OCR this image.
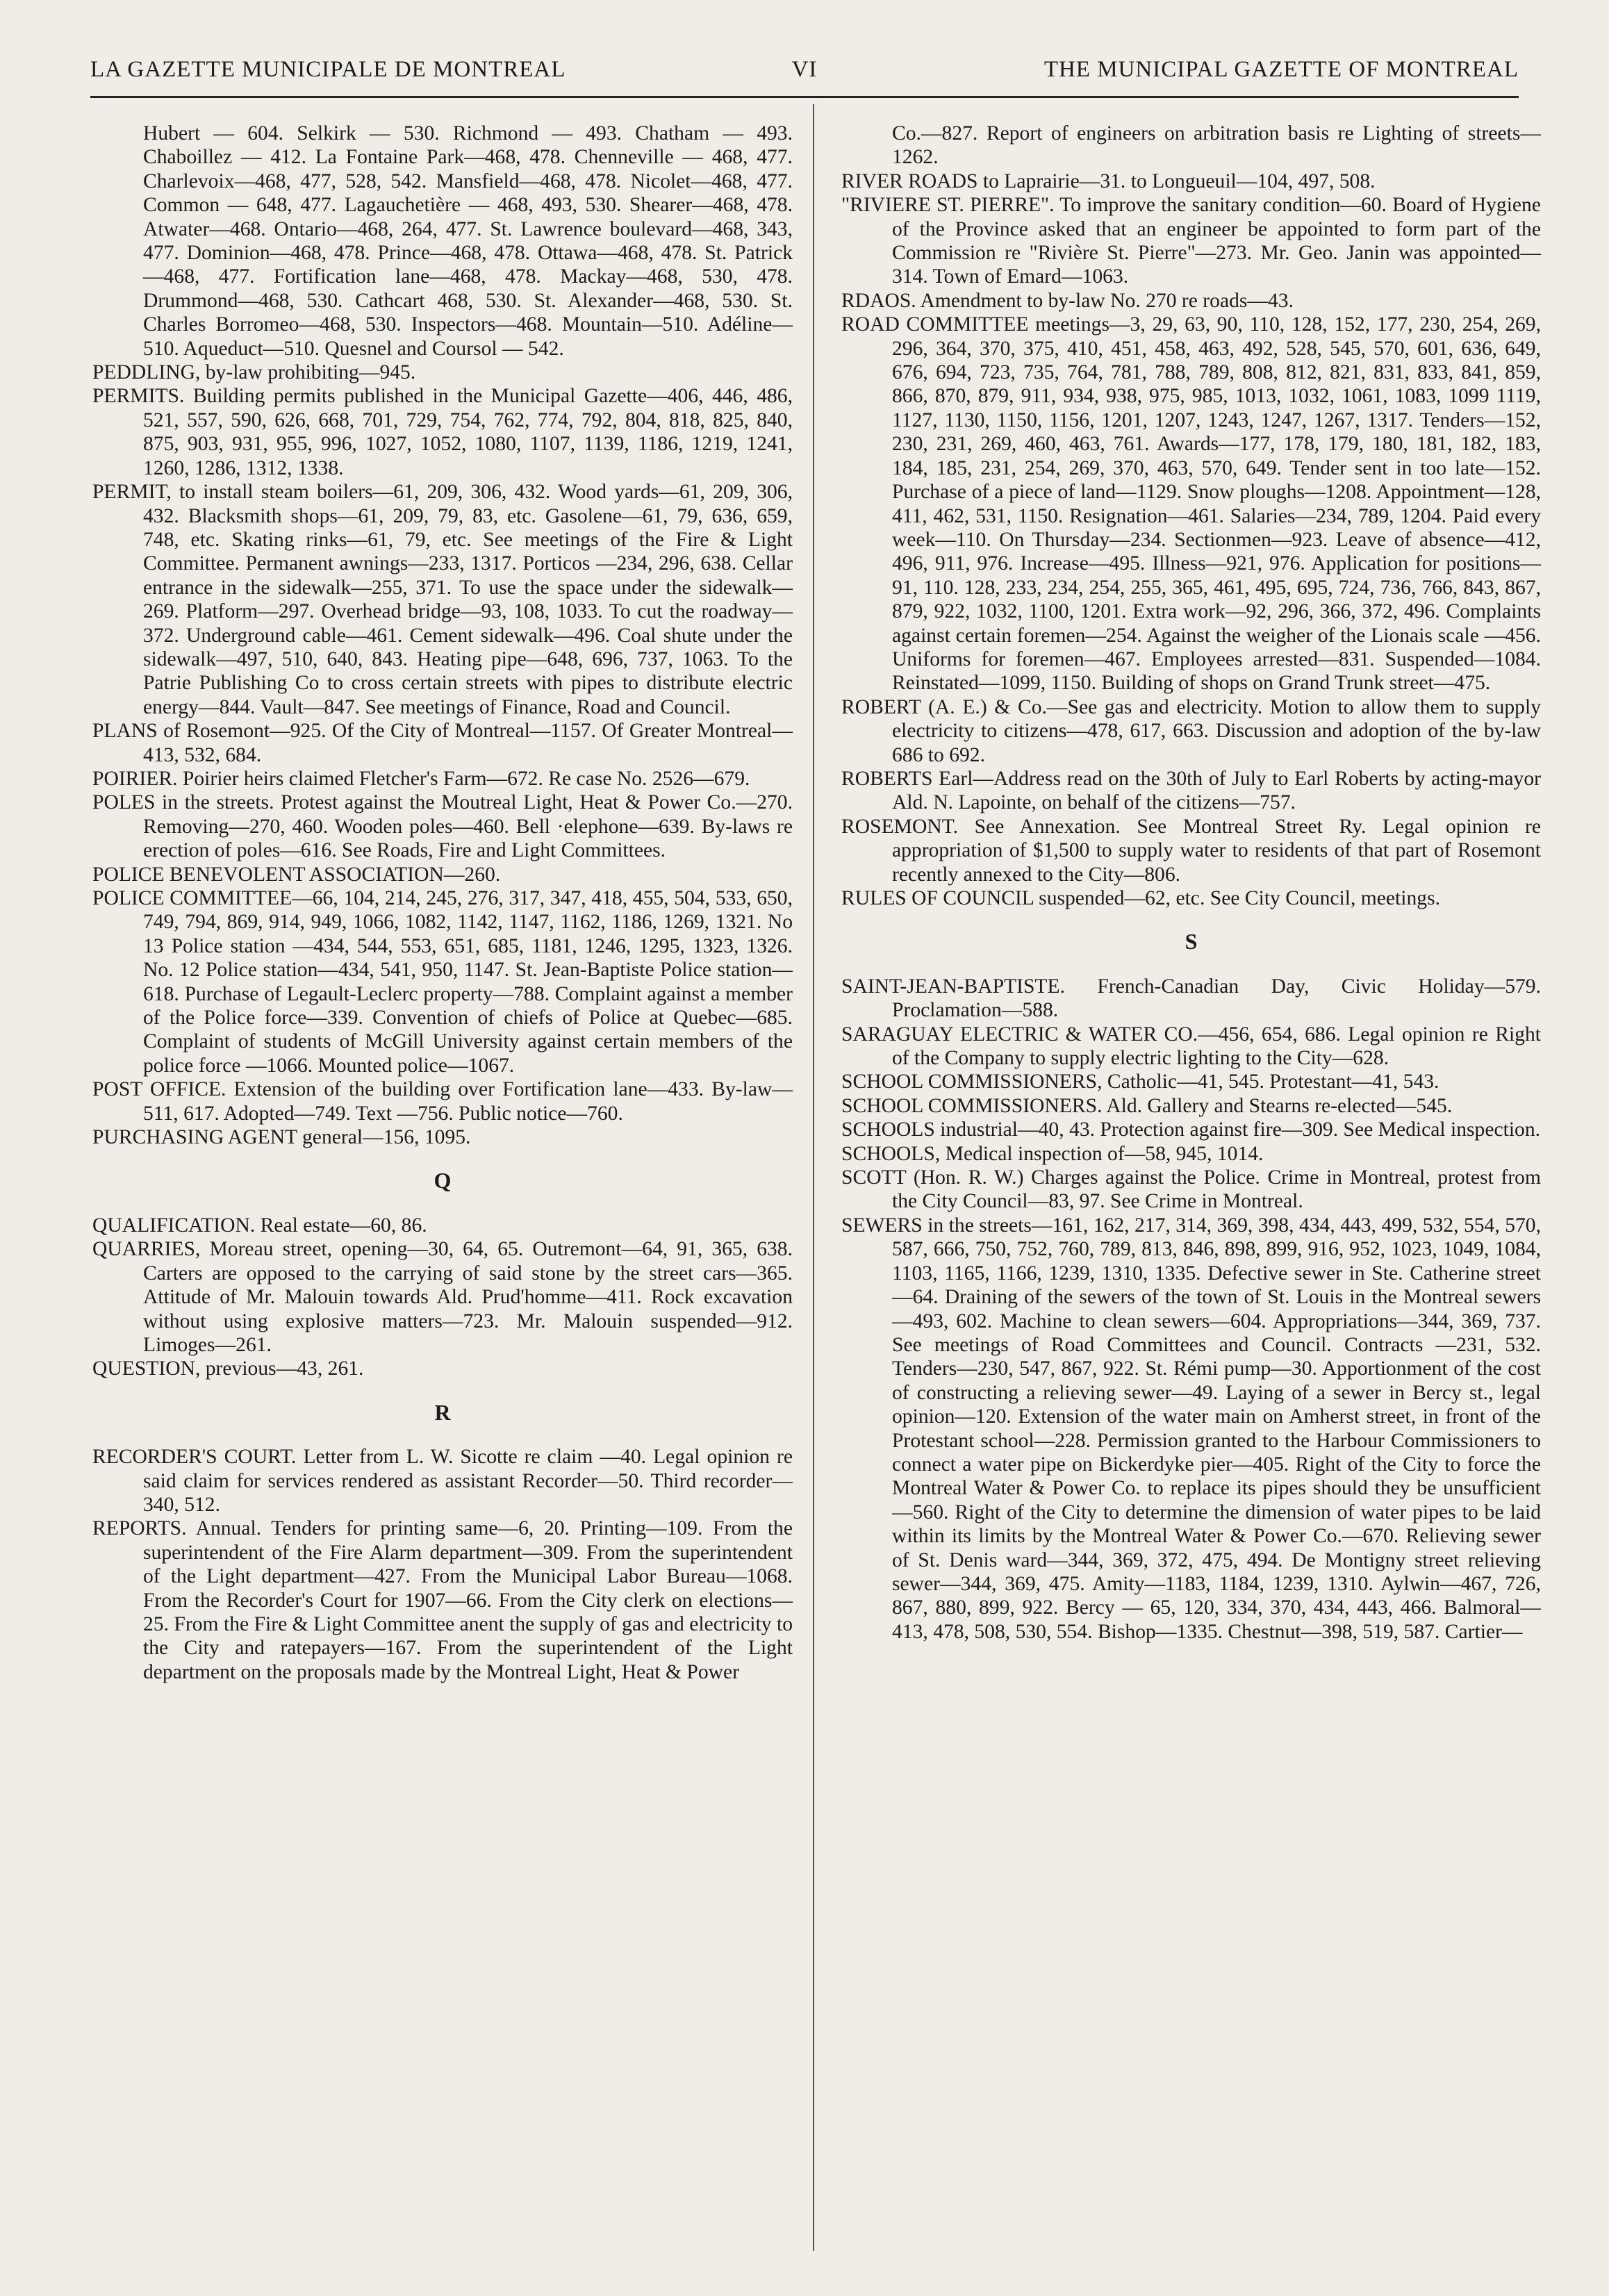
LA GAZETTE MUNICIPALE DE MONTREAL	VI	THE MUNICIPAL GAZETTE OF MONTREAL

Hubert — 604. Selkirk — 530. Richmond — 493. Chatham — 493. Chaboillez — 412. La Fontaine Park—468, 478. Chenneville — 468, 477. Charlevoix—468, 477, 528, 542. Mansfield—468, 478. Nicolet—468, 477. Common — 648, 477. Lagauchetière — 468, 493, 530. Shearer—468, 478. Atwater—468. Ontario—468, 264, 477. St. Lawrence boulevard—468, 343, 477. Dominion—468, 478. Prince—468, 478. Ottawa—468, 478. St. Patrick—468, 477. Fortification lane—468, 478. Mackay—468, 530, 478. Drummond—468, 530. Cathcart 468, 530. St. Alexander—468, 530. St. Charles Borromeo—468, 530. Inspectors—468. Mountain—510. Adéline—510. Aqueduct—510. Quesnel and Coursol — 542.

PEDDLING, by-law prohibiting—945.

PERMITS. Building permits published in the Municipal Gazette—406, 446, 486, 521, 557, 590, 626, 668, 701, 729, 754, 762, 774, 792, 804, 818, 825, 840, 875, 903, 931, 955, 996, 1027, 1052, 1080, 1107, 1139, 1186, 1219, 1241, 1260, 1286, 1312, 1338.

PERMIT, to install steam boilers—61, 209, 306, 432. Wood yards—61, 209, 306, 432. Blacksmith shops—61, 209, 79, 83, etc. Gasolene—61, 79, 636, 659, 748, etc. Skating rinks—61, 79, etc. See meetings of the Fire & Light Committee. Permanent awnings—233, 1317. Porticos —234, 296, 638. Cellar entrance in the sidewalk—255, 371. To use the space under the sidewalk—269. Platform—297. Overhead bridge—93, 108, 1033. To cut the roadway—372. Underground cable—461. Cement sidewalk—496. Coal shute under the sidewalk—497, 510, 640, 843. Heating pipe—648, 696, 737, 1063. To the Patrie Publishing Co to cross certain streets with pipes to distribute electric energy—844. Vault—847. See meetings of Finance, Road and Council.

PLANS of Rosemont—925. Of the City of Montreal—1157. Of Greater Montreal—413, 532, 684.

POIRIER. Poirier heirs claimed Fletcher's Farm—672. Re case No. 2526—679.

POLES in the streets. Protest against the Moutreal Light, Heat & Power Co.—270. Removing—270, 460. Wooden poles—460. Bell ·elephone—639. By-laws re erection of poles—616. See Roads, Fire and Light Committees.

POLICE BENEVOLENT ASSOCIATION—260.

POLICE COMMITTEE—66, 104, 214, 245, 276, 317, 347, 418, 455, 504, 533, 650, 749, 794, 869, 914, 949, 1066, 1082, 1142, 1147, 1162, 1186, 1269, 1321. No 13 Police station —434, 544, 553, 651, 685, 1181, 1246, 1295, 1323, 1326. No. 12 Police station—434, 541, 950, 1147. St. Jean-Baptiste Police station—618. Purchase of Legault-Leclerc property—788. Complaint against a member of the Police force—339. Convention of chiefs of Police at Quebec—685. Complaint of students of McGill University against certain members of the police force —1066. Mounted police—1067.

POST OFFICE. Extension of the building over Fortification lane—433. By-law—511, 617. Adopted—749. Text —756. Public notice—760.

PURCHASING AGENT general—156, 1095.

Q

QUALIFICATION. Real estate—60, 86.

QUARRIES, Moreau street, opening—30, 64, 65. Outremont—64, 91, 365, 638. Carters are opposed to the carrying of said stone by the street cars—365. Attitude of Mr. Malouin towards Ald. Prud'homme—411. Rock excavation without using explosive matters—723. Mr. Malouin suspended—912. Limoges—261.

QUESTION, previous—43, 261.

R

RECORDER'S COURT. Letter from L. W. Sicotte re claim —40. Legal opinion re said claim for services rendered as assistant Recorder—50. Third recorder—340, 512.

REPORTS. Annual. Tenders for printing same—6, 20. Printing—109. From the superintendent of the Fire Alarm department—309. From the superintendent of the Light department—427. From the Municipal Labor Bureau—1068. From the Recorder's Court for 1907—66. From the City clerk on elections—25. From the Fire & Light Committee anent the supply of gas and electricity to the City and ratepayers—167. From the superintendent of the Light department on the proposals made by the Montreal Light, Heat & Power

Co.—827. Report of engineers on arbitration basis re Lighting of streets—1262.

RIVER ROADS to Laprairie—31. to Longueuil—104, 497, 508.

"RIVIERE ST. PIERRE". To improve the sanitary condition—60. Board of Hygiene of the Province asked that an engineer be appointed to form part of the Commission re "Rivière St. Pierre"—273. Mr. Geo. Janin was appointed—314. Town of Emard—1063.

RDAOS. Amendment to by-law No. 270 re roads—43.

ROAD COMMITTEE meetings—3, 29, 63, 90, 110, 128, 152, 177, 230, 254, 269, 296, 364, 370, 375, 410, 451, 458, 463, 492, 528, 545, 570, 601, 636, 649, 676, 694, 723, 735, 764, 781, 788, 789, 808, 812, 821, 831, 833, 841, 859, 866, 870, 879, 911, 934, 938, 975, 985, 1013, 1032, 1061, 1083, 1099 1119, 1127, 1130, 1150, 1156, 1201, 1207, 1243, 1247, 1267, 1317. Tenders—152, 230, 231, 269, 460, 463, 761. Awards—177, 178, 179, 180, 181, 182, 183, 184, 185, 231, 254, 269, 370, 463, 570, 649. Tender sent in too late—152. Purchase of a piece of land—1129. Snow ploughs—1208. Appointment—128, 411, 462, 531, 1150. Resignation—461. Salaries—234, 789, 1204. Paid every week—110. On Thursday—234. Sectionmen—923. Leave of absence—412, 496, 911, 976. Increase—495. Illness—921, 976. Application for positions—91, 110. 128, 233, 234, 254, 255, 365, 461, 495, 695, 724, 736, 766, 843, 867, 879, 922, 1032, 1100, 1201. Extra work—92, 296, 366, 372, 496. Complaints against certain foremen—254. Against the weigher of the Lionais scale —456. Uniforms for foremen—467. Employees arrested—831. Suspended—1084. Reinstated—1099, 1150. Building of shops on Grand Trunk street—475.

ROBERT (A. E.) & Co.—See gas and electricity. Motion to allow them to supply electricity to citizens—478, 617, 663. Discussion and adoption of the by-law 686 to 692.

ROBERTS Earl—Address read on the 30th of July to Earl Roberts by acting-mayor Ald. N. Lapointe, on behalf of the citizens—757.

ROSEMONT. See Annexation. See Montreal Street Ry. Legal opinion re appropriation of $1,500 to supply water to residents of that part of Rosemont recently annexed to the City—806.

RULES OF COUNCIL suspended—62, etc. See City Council, meetings.

S

SAINT-JEAN-BAPTISTE. French-Canadian Day, Civic Holiday—579. Proclamation—588.

SARAGUAY ELECTRIC & WATER CO.—456, 654, 686. Legal opinion re Right of the Company to supply electric lighting to the City—628.

SCHOOL COMMISSIONERS, Catholic—41, 545. Protestant—41, 543.

SCHOOL COMMISSIONERS. Ald. Gallery and Stearns re-elected—545.

SCHOOLS industrial—40, 43. Protection against fire—309. See Medical inspection.

SCHOOLS, Medical inspection of—58, 945, 1014.

SCOTT (Hon. R. W.) Charges against the Police. Crime in Montreal, protest from the City Council—83, 97. See Crime in Montreal.

SEWERS in the streets—161, 162, 217, 314, 369, 398, 434, 443, 499, 532, 554, 570, 587, 666, 750, 752, 760, 789, 813, 846, 898, 899, 916, 952, 1023, 1049, 1084, 1103, 1165, 1166, 1239, 1310, 1335. Defective sewer in Ste. Catherine street—64. Draining of the sewers of the town of St. Louis in the Montreal sewers—493, 602. Machine to clean sewers—604. Appropriations—344, 369, 737. See meetings of Road Committees and Council. Contracts —231, 532. Tenders—230, 547, 867, 922. St. Rémi pump—30. Apportionment of the cost of constructing a relieving sewer—49. Laying of a sewer in Bercy st., legal opinion—120. Extension of the water main on Amherst street, in front of the Protestant school—228. Permission granted to the Harbour Commissioners to connect a water pipe on Bickerdyke pier—405. Right of the City to force the Montreal Water & Power Co. to replace its pipes should they be unsufficient—560. Right of the City to determine the dimension of water pipes to be laid within its limits by the Montreal Water & Power Co.—670. Relieving sewer of St. Denis ward—344, 369, 372, 475, 494. De Montigny street relieving sewer—344, 369, 475. Amity—1183, 1184, 1239, 1310. Aylwin—467, 726, 867, 880, 899, 922. Bercy — 65, 120, 334, 370, 434, 443, 466. Balmoral—413, 478, 508, 530, 554. Bishop—1335. Chestnut—398, 519, 587. Cartier—
